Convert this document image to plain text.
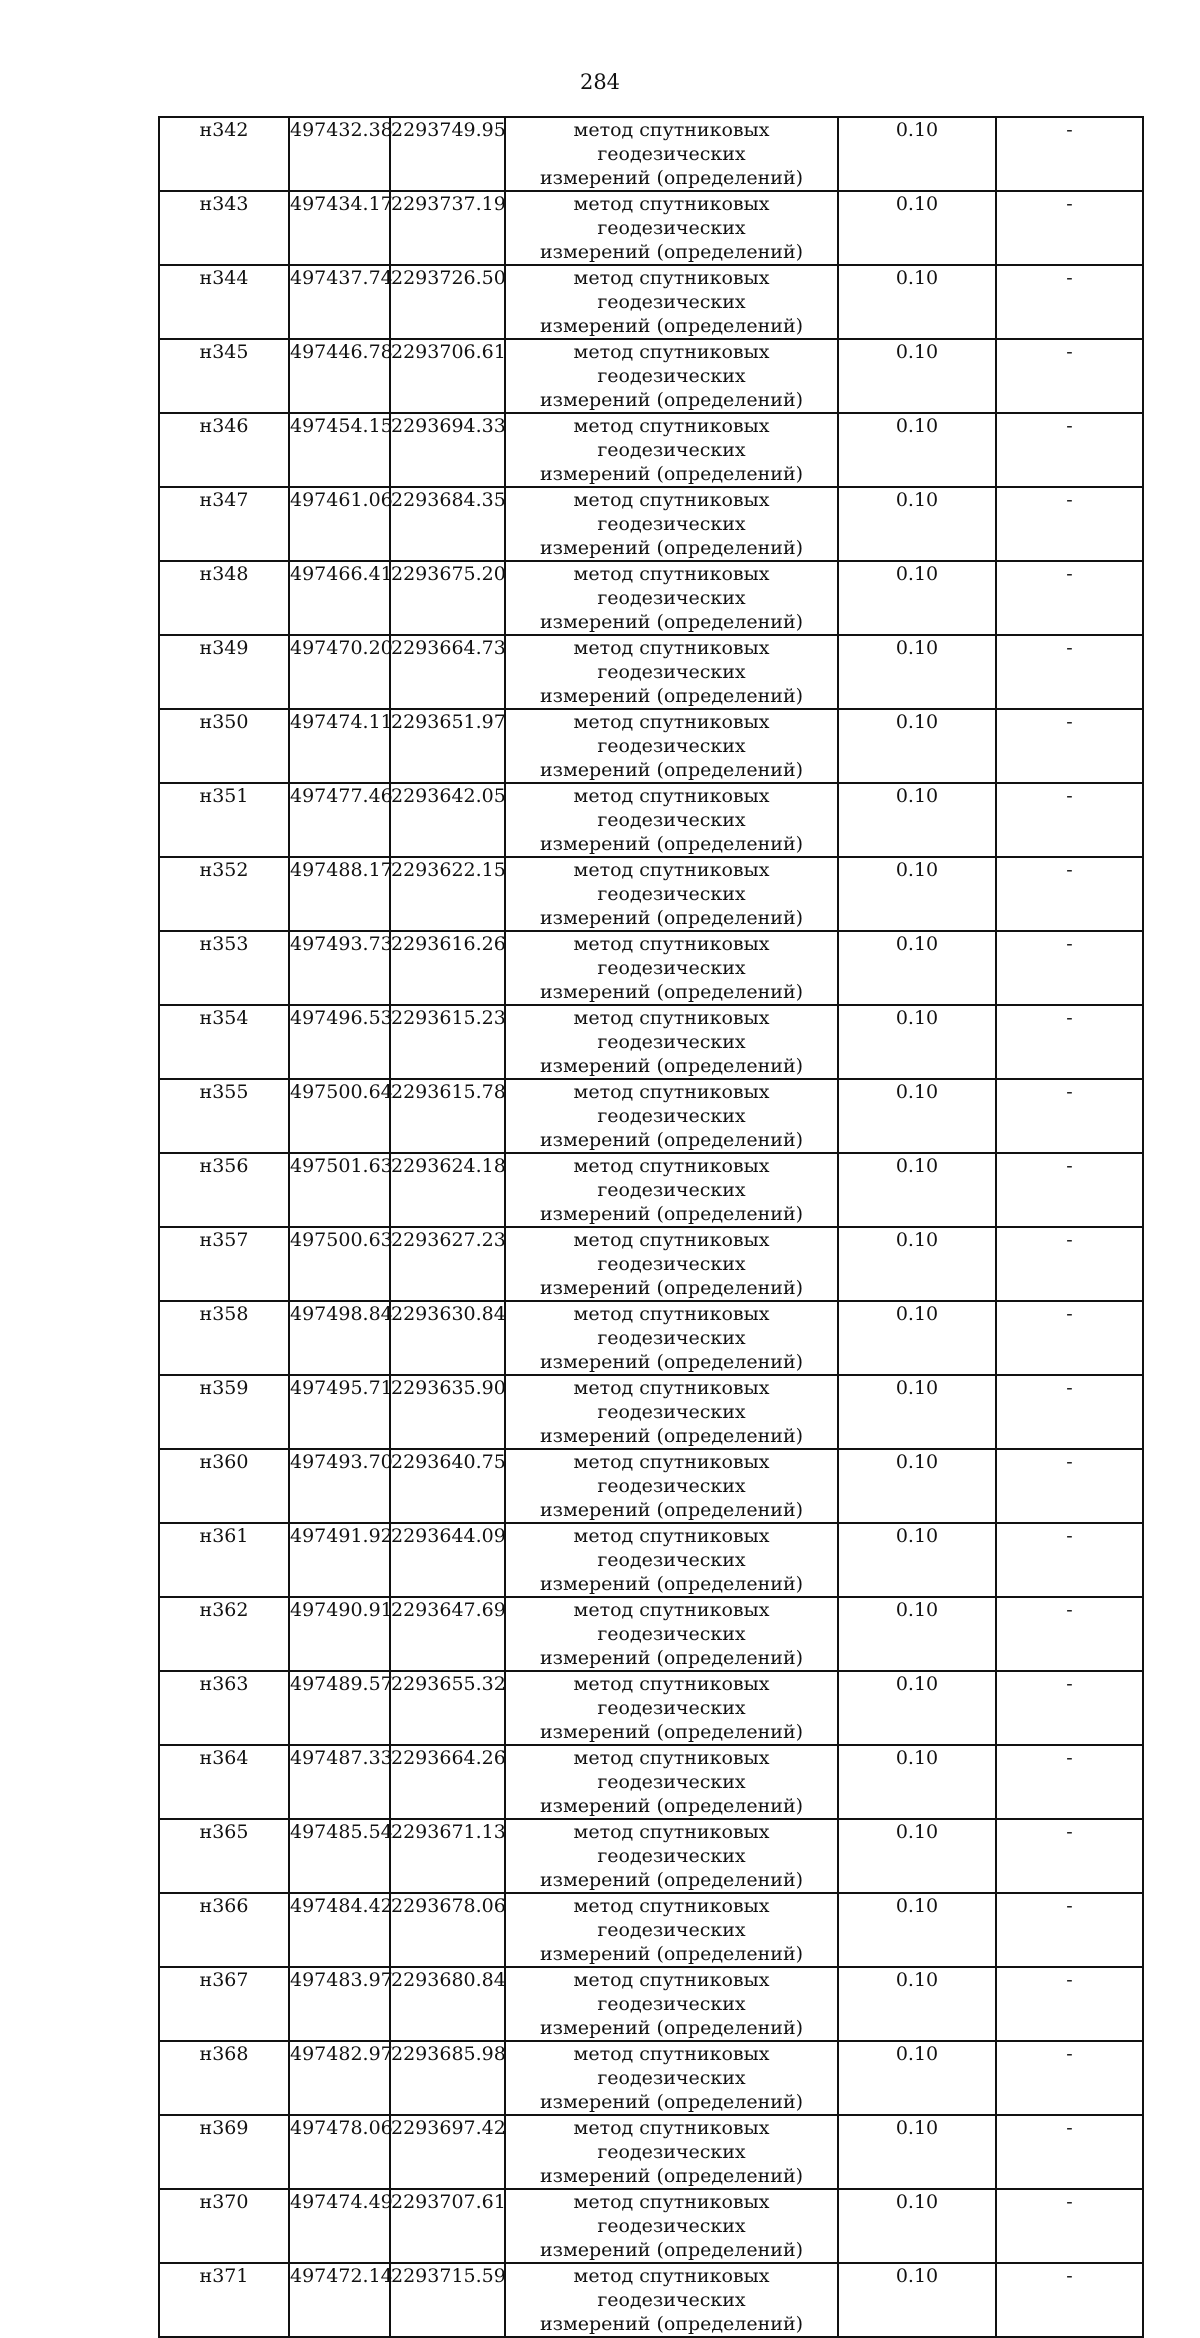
284
н342	497432.38	2293749.95	метод спутниковых геодезических
измерений (определений)	0.10	-
н343	497434.17	2293737.19	метод спутниковых геодезических
измерений (определений)	0.10	-
н344	497437.74	2293726.50	метод спутниковых геодезических
измерений (определений)	0.10	-
н345	497446.78	2293706.61	метод спутниковых геодезических
измерений (определений)	0.10	-
н346	497454.15	2293694.33	метод спутниковых геодезических
измерений (определений)	0.10	-
н347	497461.06	2293684.35	метод спутниковых геодезических
измерений (определений)	0.10	-
н348	497466.41	2293675.20	метод спутниковых геодезических
измерений (определений)	0.10	-
н349	497470.20	2293664.73	метод спутниковых геодезических
измерений (определений)	0.10	-
н350	497474.11	2293651.97	метод спутниковых геодезических
измерений (определений)	0.10	-
н351	497477.46	2293642.05	метод спутниковых геодезических
измерений (определений)	0.10	-
н352	497488.17	2293622.15	метод спутниковых геодезических
измерений (определений)	0.10	-
н353	497493.73	2293616.26	метод спутниковых геодезических
измерений (определений)	0.10	-
н354	497496.53	2293615.23	метод спутниковых геодезических
измерений (определений)	0.10	-
н355	497500.64	2293615.78	метод спутниковых геодезических
измерений (определений)	0.10	-
н356	497501.63	2293624.18	метод спутниковых геодезических
измерений (определений)	0.10	-
н357	497500.63	2293627.23	метод спутниковых геодезических
измерений (определений)	0.10	-
н358	497498.84	2293630.84	метод спутниковых геодезических
измерений (определений)	0.10	-
н359	497495.71	2293635.90	метод спутниковых геодезических
измерений (определений)	0.10	-
н360	497493.70	2293640.75	метод спутниковых геодезических
измерений (определений)	0.10	-
н361	497491.92	2293644.09	метод спутниковых геодезических
измерений (определений)	0.10	-
н362	497490.91	2293647.69	метод спутниковых геодезических
измерений (определений)	0.10	-
н363	497489.57	2293655.32	метод спутниковых геодезических
измерений (определений)	0.10	-
н364	497487.33	2293664.26	метод спутниковых геодезических
измерений (определений)	0.10	-
н365	497485.54	2293671.13	метод спутниковых геодезических
измерений (определений)	0.10	-
н366	497484.42	2293678.06	метод спутниковых геодезических
измерений (определений)	0.10	-
н367	497483.97	2293680.84	метод спутниковых геодезических
измерений (определений)	0.10	-
н368	497482.97	2293685.98	метод спутниковых геодезических
измерений (определений)	0.10	-
н369	497478.06	2293697.42	метод спутниковых геодезических
измерений (определений)	0.10	-
н370	497474.49	2293707.61	метод спутниковых геодезических
измерений (определений)	0.10	-
н371	497472.14	2293715.59	метод спутниковых геодезических
измерений (определений)	0.10	-
